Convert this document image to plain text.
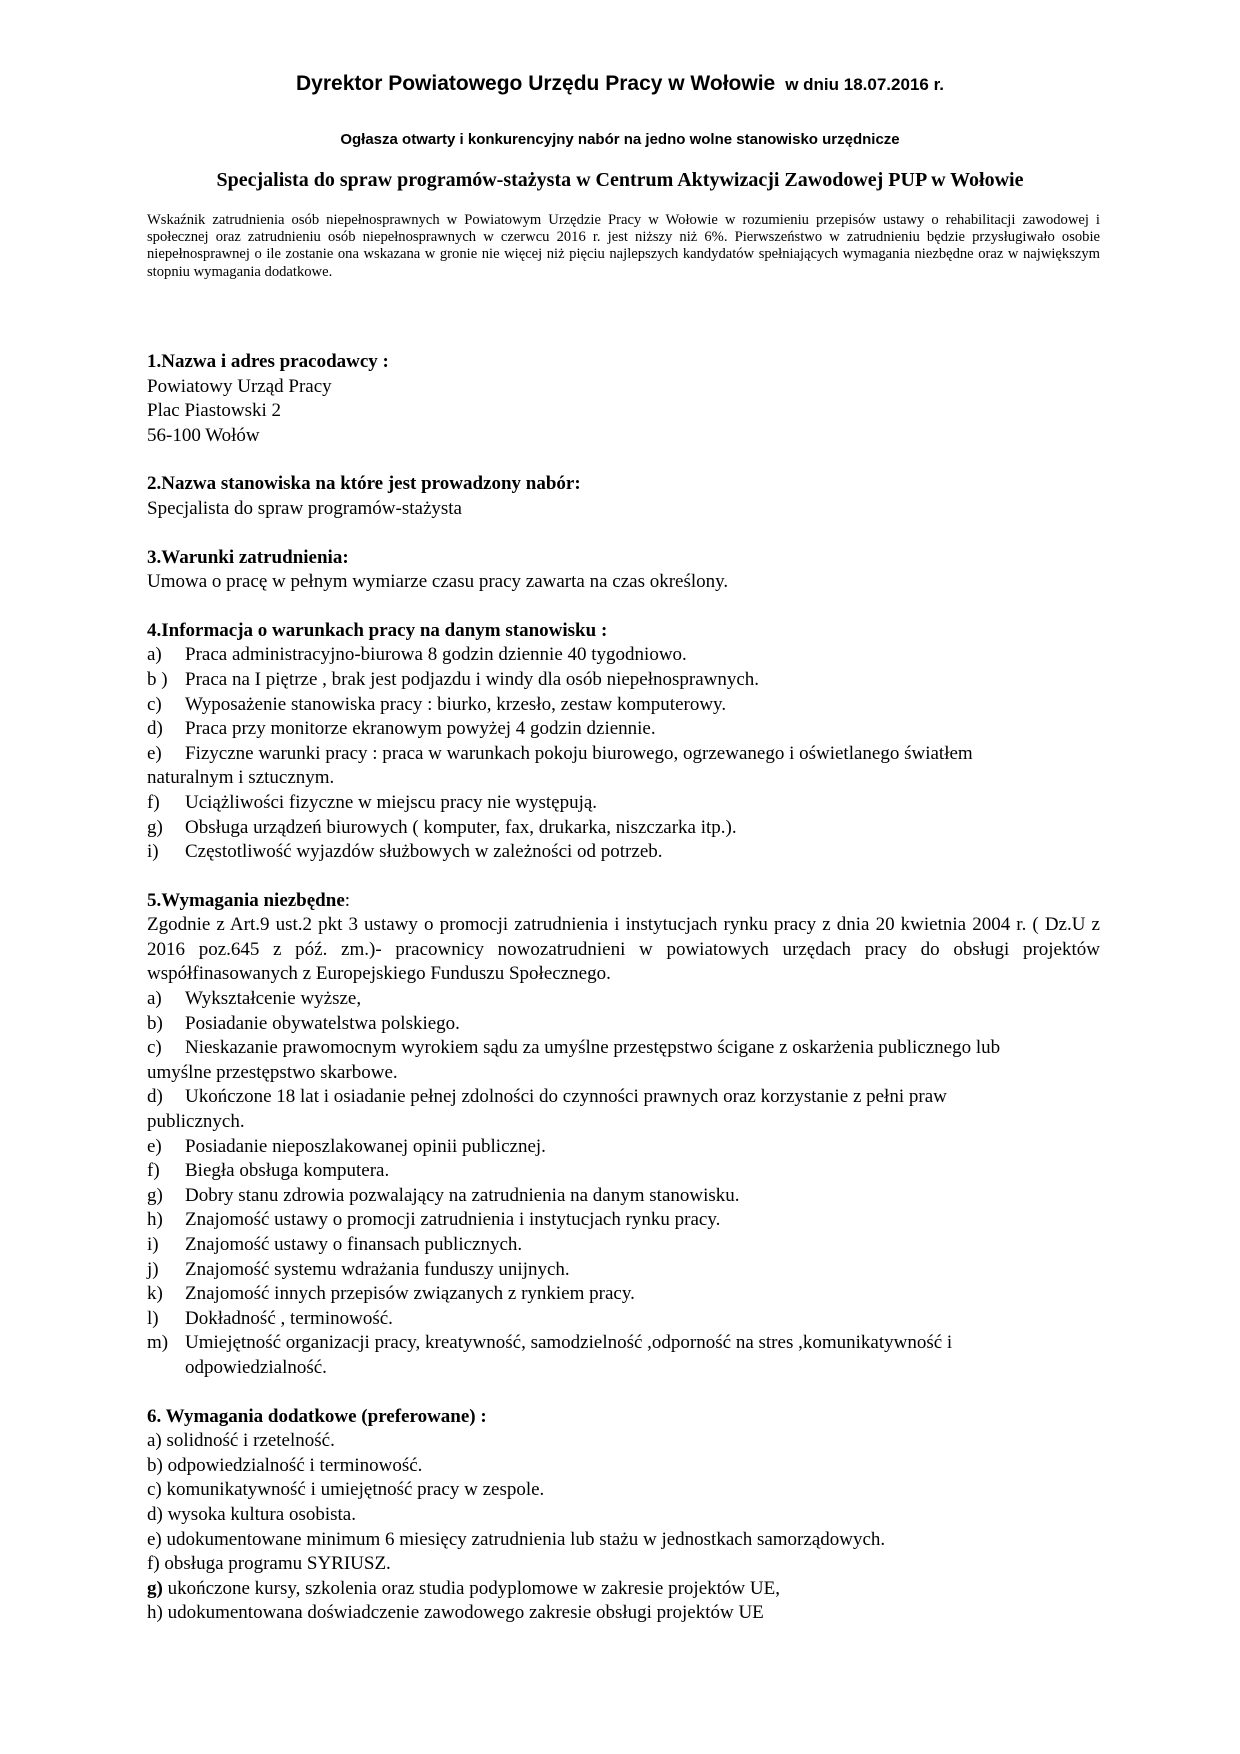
Dyrektor Powiatowego Urzędu Pracy w Wołowie w dniu 18.07.2016 r.
Ogłasza otwarty i konkurencyjny nabór na jedno wolne stanowisko urzędnicze
Specjalista do spraw programów-stażysta w Centrum Aktywizacji Zawodowej PUP w Wołowie
Wskaźnik zatrudnienia osób niepełnosprawnych w Powiatowym Urzędzie Pracy w Wołowie w rozumieniu przepisów ustawy o rehabilitacji zawodowej i społecznej oraz zatrudnieniu osób niepełnosprawnych w czerwcu 2016 r. jest niższy niż 6%. Pierwszeństwo w zatrudnieniu będzie przysługiwało osobie niepełnosprawnej o ile zostanie ona wskazana w gronie nie więcej niż pięciu najlepszych kandydatów spełniających wymagania niezbędne oraz w największym stopniu wymagania dodatkowe.
1.Nazwa i adres pracodawcy :
Powiatowy Urząd Pracy
Plac Piastowski 2
56-100 Wołów
2.Nazwa stanowiska na które jest prowadzony nabór:
Specjalista do spraw programów-stażysta
3.Warunki zatrudnienia:
Umowa o pracę w pełnym wymiarze czasu pracy zawarta na czas określony.
4.Informacja o warunkach pracy na danym stanowisku :
a) Praca administracyjno-biurowa 8 godzin dziennie 40 tygodniowo.
b ) Praca na I piętrze , brak jest podjazdu i windy dla osób niepełnosprawnych.
c) Wyposażenie stanowiska pracy : biurko, krzesło, zestaw komputerowy.
d) Praca przy monitorze ekranowym powyżej 4 godzin dziennie.
e) Fizyczne warunki pracy : praca w warunkach pokoju biurowego, ogrzewanego i oświetlanego światłem
naturalnym i sztucznym.
f) Uciążliwości fizyczne w miejscu pracy nie występują.
g) Obsługa urządzeń biurowych ( komputer, fax, drukarka, niszczarka itp.).
i) Częstotliwość wyjazdów służbowych w zależności od potrzeb.
5.Wymagania niezbędne:
Zgodnie z Art.9 ust.2 pkt 3 ustawy o promocji zatrudnienia i instytucjach rynku pracy z dnia 20 kwietnia 2004 r. ( Dz.U z 2016 poz.645 z póź. zm.)- pracownicy nowozatrudnieni w powiatowych urzędach pracy do obsługi projektów współfinasowanych z Europejskiego Funduszu Społecznego.
a) Wykształcenie wyższe,
b) Posiadanie obywatelstwa polskiego.
c) Nieskazanie prawomocnym wyrokiem sądu za umyślne przestępstwo ścigane z oskarżenia publicznego lub
umyślne przestępstwo skarbowe.
d) Ukończone 18 lat i osiadanie pełnej zdolności do czynności prawnych oraz korzystanie z pełni praw
publicznych.
e) Posiadanie nieposzlakowanej opinii publicznej.
f) Biegła obsługa komputera.
g) Dobry stanu zdrowia pozwalający na zatrudnienia na danym stanowisku.
h) Znajomość ustawy o promocji zatrudnienia i instytucjach rynku pracy.
i) Znajomość ustawy o finansach publicznych.
j) Znajomość systemu wdrażania funduszy unijnych.
k) Znajomość innych przepisów związanych z rynkiem pracy.
l) Dokładność , terminowość.
m) Umiejętność organizacji pracy, kreatywność, samodzielność ,odporność na stres ,komunikatywność i
odpowiedzialność.
6. Wymagania dodatkowe (preferowane) :
a) solidność i rzetelność.
b) odpowiedzialność i terminowość.
c) komunikatywność i umiejętność pracy w zespole.
d) wysoka kultura osobista.
e) udokumentowane minimum 6 miesięcy zatrudnienia lub stażu w jednostkach samorządowych.
f) obsługa programu SYRIUSZ.
g) ukończone kursy, szkolenia oraz studia podyplomowe w zakresie projektów UE,
h) udokumentowana doświadczenie zawodowego zakresie obsługi projektów UE
